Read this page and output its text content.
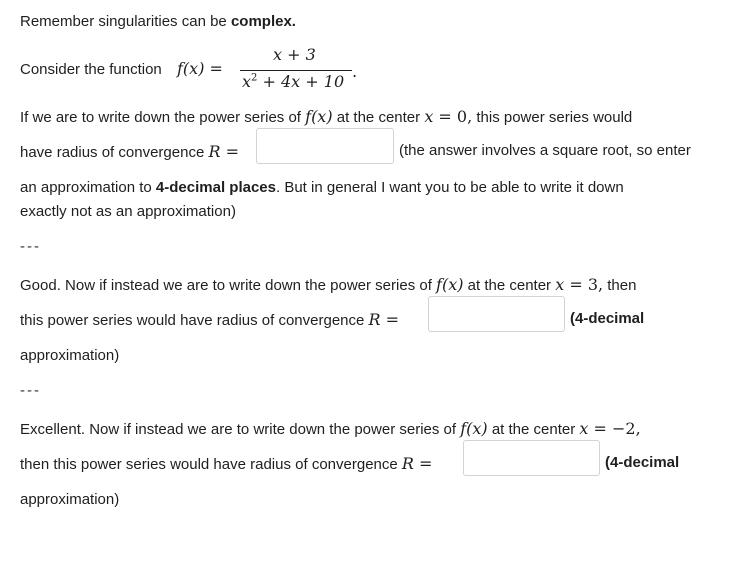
Remember singularities can be complex.
Consider the function f(x) =
x + 3
$x^2 + 4x + 10$
.
If we are to write down the power series of f(x) at the center x = 0, this power series would
have radius of convergence R =	(the answer involves a square root, so enter
an approximation to 4-decimal places. But in general I want you to be able to write it down
exactly not as an approximation)
---
Good. Now if instead we are to write down the power series of f(x) at the center x = 3, then
this power series would have radius of convergence R =	(4-decimal
approximation)
---
Excellent. Now if instead we are to write down the power series of f(x) at the center x = −2,
then this power series would have radius of convergence R =	(4-decimal
approximation)
